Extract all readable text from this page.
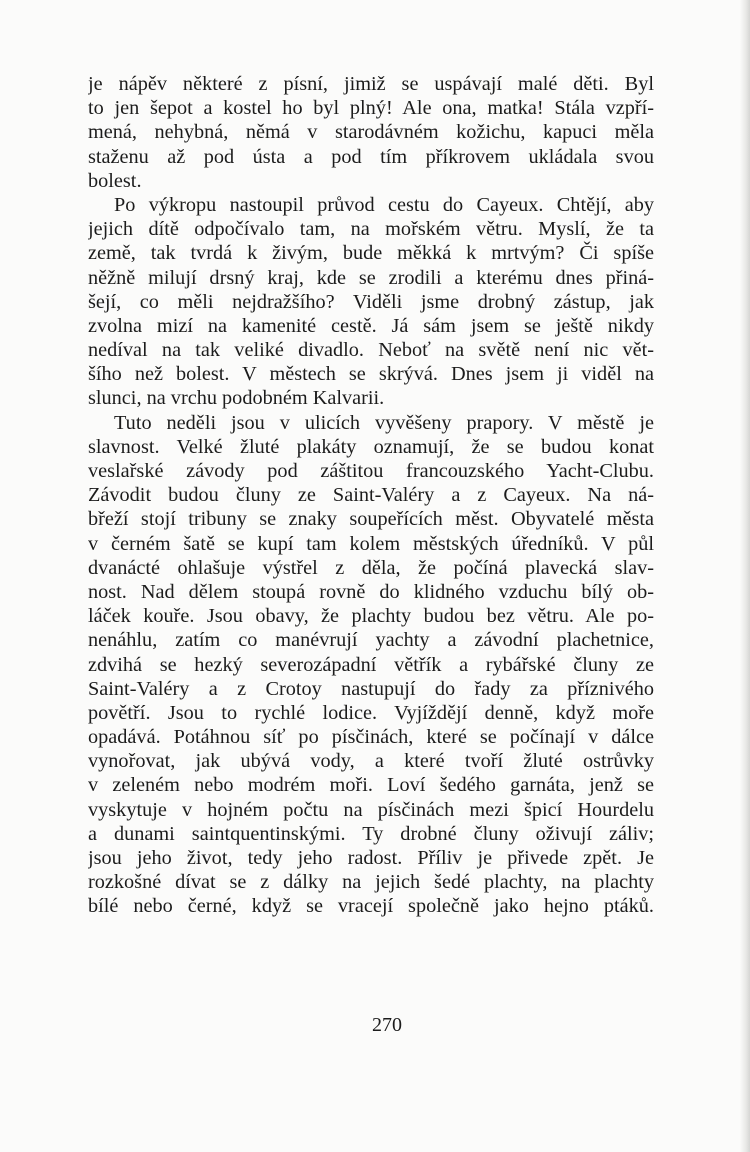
je nápěv některé z písní, jimiž se uspávají malé děti. Byl
to jen šepot a kostel ho byl plný! Ale ona, matka! Stála vzpří-
mená, nehybná, němá v starodávném kožichu, kapuci měla
staženu až pod ústa a pod tím příkrovem ukládala svou
bolest.
Po výkropu nastoupil průvod cestu do Cayeux. Chtějí, aby
jejich dítě odpočívalo tam, na mořském větru. Myslí, že ta
země, tak tvrdá k živým, bude měkká k mrtvým? Či spíše
něžně milují drsný kraj, kde se zrodili a kterému dnes přiná-
šejí, co měli nejdražšího? Viděli jsme drobný zástup, jak
zvolna mizí na kamenité cestě. Já sám jsem se ještě nikdy
nedíval na tak veliké divadlo. Neboť na světě není nic vět-
šího než bolest. V městech se skrývá. Dnes jsem ji viděl na
slunci, na vrchu podobném Kalvarii.
Tuto neděli jsou v ulicích vyvěšeny prapory. V městě je
slavnost. Velké žluté plakáty oznamují, že se budou konat
veslařské závody pod záštitou francouzského Yacht-Clubu.
Závodit budou čluny ze Saint-Valéry a z Cayeux. Na ná-
břeží stojí tribuny se znaky soupeřících měst. Obyvatelé města
v černém šatě se kupí tam kolem městských úředníků. V půl
dvanácté ohlašuje výstřel z děla, že počíná plavecká slav-
nost. Nad dělem stoupá rovně do klidného vzduchu bílý ob-
láček kouře. Jsou obavy, že plachty budou bez větru. Ale po-
nenáhlu, zatím co manévrují yachty a závodní plachetnice,
zdvihá se hezký severozápadní větřík a rybářské čluny ze
Saint-Valéry a z Crotoy nastupují do řady za příznivého
povětří. Jsou to rychlé lodice. Vyjíždějí denně, když moře
opadává. Potáhnou síť po písčinách, které se počínají v dálce
vynořovat, jak ubývá vody, a které tvoří žluté ostrůvky
v zeleném nebo modrém moři. Loví šedého garnáta, jenž se
vyskytuje v hojném počtu na písčinách mezi špicí Hourdelu
a dunami saintquentinskými. Ty drobné čluny oživují záliv;
jsou jeho život, tedy jeho radost. Příliv je přivede zpět. Je
rozkošné dívat se z dálky na jejich šedé plachty, na plachty
bílé nebo černé, když se vracejí společně jako hejno ptáků.
270
